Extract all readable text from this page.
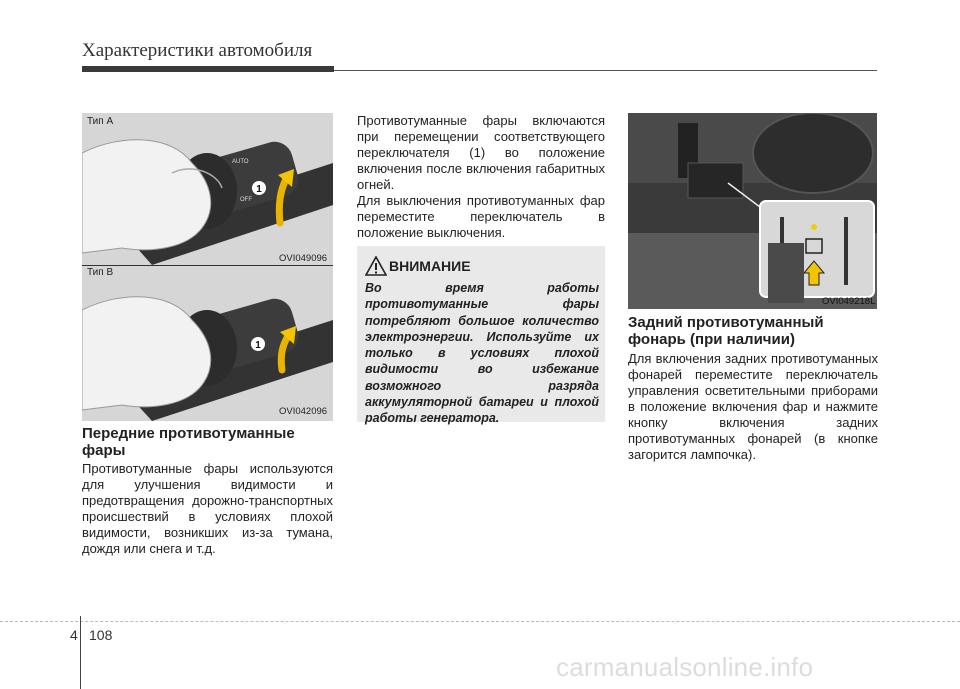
Характеристики автомобиля
1
AUTO
OFF
Тип A
OVI049096
1
Тип B
OVI042096
Передние противотуманные фары

Противотуманные фары используются для улучшения видимости и предотвращения дорожно-транспортных происшествий в условиях плохой видимости, возникших из-за тумана, дождя или снега и т.д.

Противотуманные фары включаются при перемещении соответствующего переключателя (1) во положение включения после включения габаритных огней.

Для выключения противотуманных фар переместите переключатель в положение выключения.

ВНИМАНИЕ

Во время работы противотуманные фары потребляют большое количество электроэнергии. Используйте их только в условиях плохой видимости во избежание возможного разряда аккумуляторной батареи и плохой работы генератора.

OVI049218L
Задний противотуманный фонарь (при наличии)

Для включения задних противотуманных фонарей переместите переключатель управления осветительными приборами в положение включения фар и нажмите кнопку включения задних противотуманных фонарей (в кнопке загорится лампочка).

4 108
carmanualsonline.info
